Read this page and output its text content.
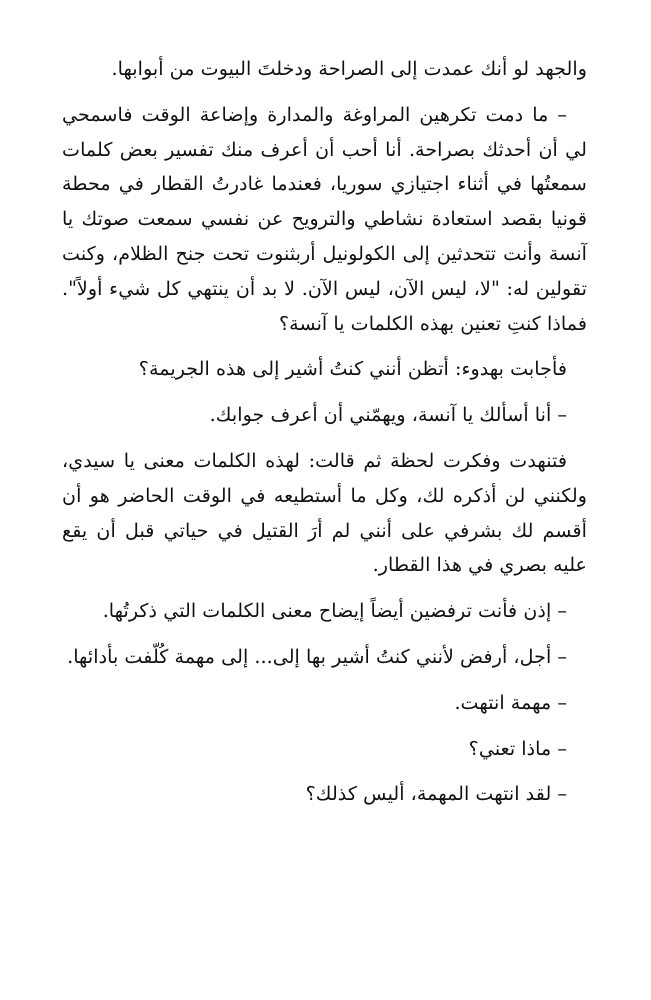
والجهد لو أنك عمدت إلى الصراحة ودخلتَ البيوت من أبوابها.

– ما دمت تكرهين المراوغة والمدارة وإضاعة الوقت فاسمحي لي أن أحدثك بصراحة. أنا أحب أن أعرف منك تفسير بعض كلمات سمعتُها في أثناء اجتيازي سوريا، فعندما غادرتُ القطار في محطة قونيا بقصد استعادة نشاطي والترويح عن نفسي سمعت صوتك يا آنسة وأنت تتحدثين إلى الكولونيل أربثنوت تحت جنح الظلام، وكنت تقولين له: "لا، ليس الآن، ليس الآن. لا بد أن ينتهي كل شيء أولاً". فماذا كنتِ تعنين بهذه الكلمات يا آنسة؟

فأجابت بهدوء: أتظن أنني كنتُ أشير إلى هذه الجريمة؟

– أنا أسألك يا آنسة، ويهمّني أن أعرف جوابك.

فتنهدت وفكرت لحظة ثم قالت: لهذه الكلمات معنى يا سيدي، ولكنني لن أذكره لك، وكل ما أستطيعه في الوقت الحاضر هو أن أقسم لك بشرفي على أنني لم أرَ القتيل في حياتي قبل أن يقع عليه بصري في هذا القطار.

– إذن فأنت ترفضين أيضاً إيضاح معنى الكلمات التي ذكرتُها.

– أجل، أرفض لأنني كنتُ أشير بها إلى... إلى مهمة كُلّفت بأدائها.

– مهمة انتهت.

– ماذا تعني؟

– لقد انتهت المهمة، أليس كذلك؟
